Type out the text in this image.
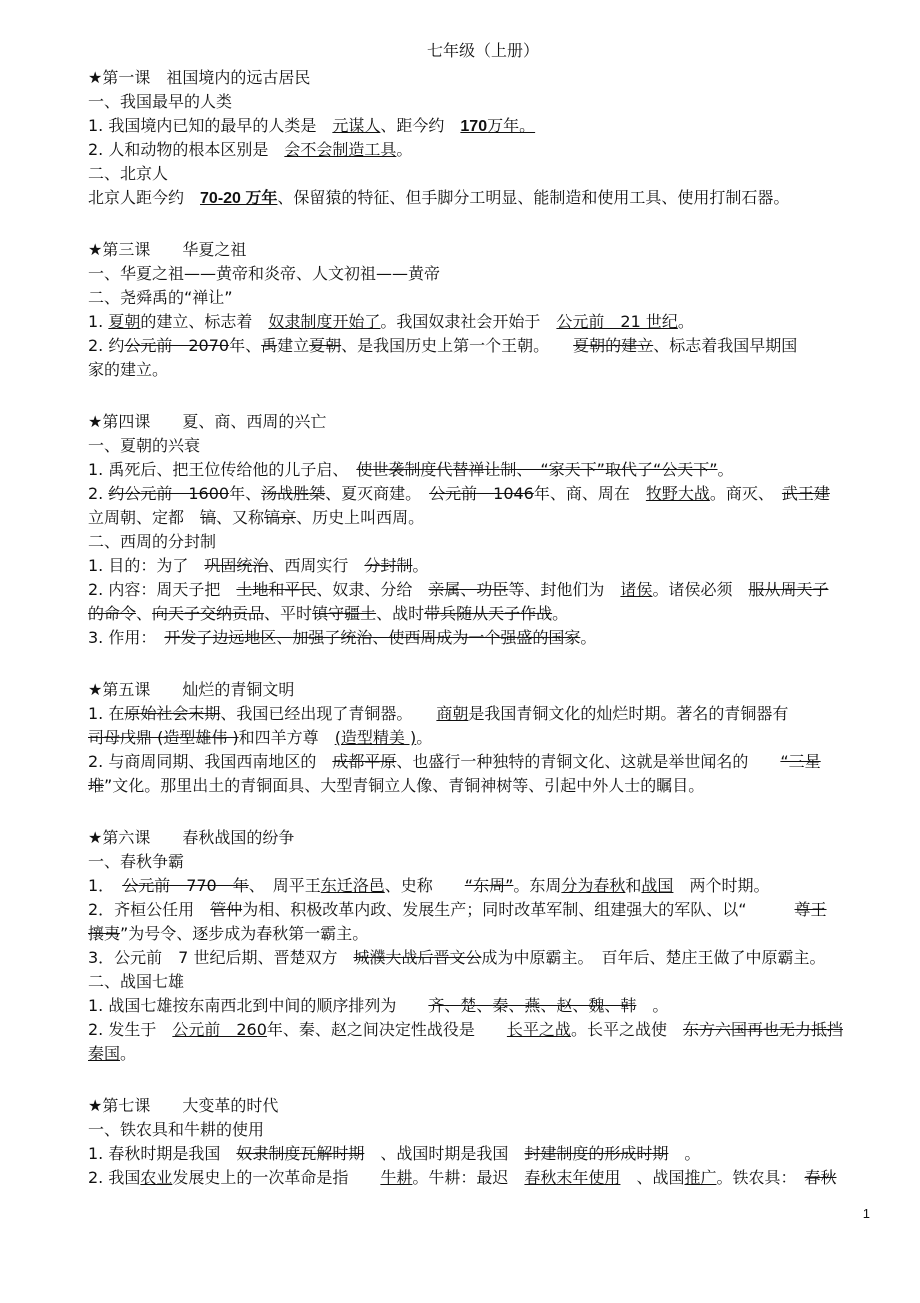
七年级（上册）
★第一课　祖国境内的远古居民
一、我国最早的人类
1. 我国境内已知的最早的人类是　元谋人、距今约　170万年。
2. 人和动物的根本区别是　会不会制造工具。
二、北京人
北京人距今约　70-20 万年、保留猿的特征、但手脚分工明显、能制造和使用工具、使用打制石器。
★第三课　　华夏之祖
一、华夏之祖——黄帝和炎帝、人文初祖——黄帝
二、尧舜禹的“禅让”
1. 夏朝的建立、标志着　奴隶制度开始了。我国奴隶社会开始于　公元前　21 世纪。
2. 约公元前　2070年、禹建立夏朝、是我国历史上第一个王朝。　　夏朝的建立、标志着我国早期国
家的建立。
★第四课　　夏、商、西周的兴亡
一、夏朝的兴衰
1. 禹死后、把王位传给他的儿子启、　使世袭制度代替禅让制、　“家天下”取代了“公天下”。
2. 约公元前　1600年、汤战胜桀、夏灭商建。　公元前　1046年、商、周在　牧野大战。商灭、　武王建
立周朝、定都　镐、又称镐京、历史上叫西周。
二、西周的分封制
1. 目的：为了　巩固统治、西周实行　分封制。
2. 内容：周天子把　土地和平民、奴隶、分给　亲属、功臣等、封他们为　诸侯。诸侯必须　服从周天子
的命令、向天子交纳贡品、平时镇守疆土、战时带兵随从天子作战。
3. 作用：　开发了边远地区、加强了统治、使西周成为一个强盛的国家。
★第五课　　灿烂的青铜文明
1. 在原始社会末期、我国已经出现了青铜器。　　商朝是我国青铜文化的灿烂时期。著名的青铜器有
司母戊鼎 (造型雄伟 )和四羊方尊　(造型精美 )。
2. 与商周同期、我国西南地区的　成都平原、也盛行一种独特的青铜文化、这就是举世闻名的　　“三星
堆”文化。那里出土的青铜面具、大型青铜立人像、青铜神树等、引起中外人士的瞩目。
★第六课　　春秋战国的纷争
一、春秋争霸
1．　公元前　770　年、　周平王东迁洛邑、史称　　“东周”。东周分为春秋和战国　两个时期。
2．齐桓公任用　管仲为相、积极改革内政、发展生产；同时改革军制、组建强大的军队、以“　　　尊王
攘夷”为号令、逐步成为春秋第一霸主。
3．公元前　7 世纪后期、晋楚双方　城濮大战后晋文公成为中原霸主。　百年后、楚庄王做了中原霸主。
二、战国七雄
1. 战国七雄按东南西北到中间的顺序排列为　　齐、楚、秦、燕、赵、魏、韩　。
2. 发生于　公元前　260年、秦、赵之间决定性战役是　　长平之战。长平之战使　东方六国再也无力抵挡
秦国。
★第七课　　大变革的时代
一、铁农具和牛耕的使用
1. 春秋时期是我国　奴隶制度瓦解时期　、战国时期是我国　封建制度的形成时期　。
2. 我国农业发展史上的一次革命是指　　牛耕。牛耕：最迟　春秋末年使用　、战国推广。铁农具：　春秋
1
